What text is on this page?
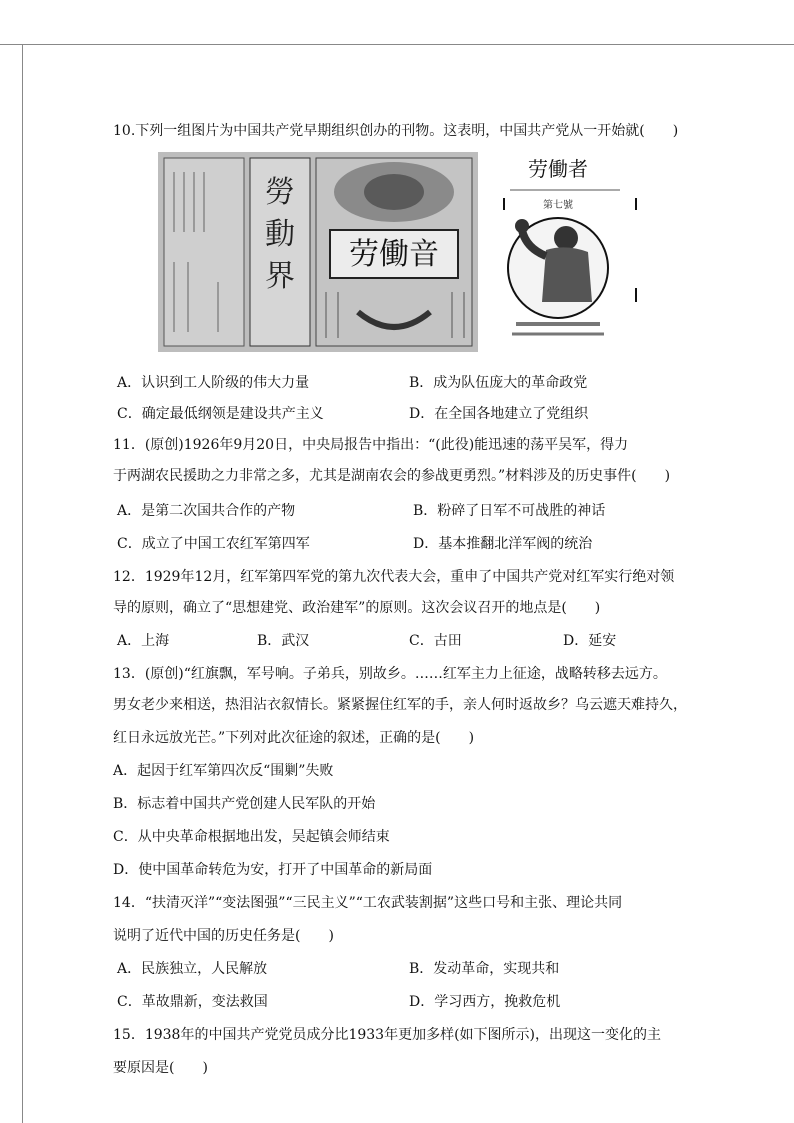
10.下列一组图片为中国共产党早期组织创办的刊物。这表明，中国共产党从一开始就(　　)
勞
動
界
劳働音
劳働者
第七號
A．认识到工人阶级的伟大力量	B．成为队伍庞大的革命政党
C．确定最低纲领是建设共产主义	D．在全国各地建立了党组织
11．(原创)1926年9月20日，中央局报告中指出：“(此役)能迅速的荡平吴军，得力
于两湖农民援助之力非常之多，尤其是湖南农会的参战更勇烈。”材料涉及的历史事件(　　)
A．是第二次国共合作的产物	B．粉碎了日军不可战胜的神话
C．成立了中国工农红军第四军	D．基本推翻北洋军阀的统治
12．1929年12月，红军第四军党的第九次代表大会，重申了中国共产党对红军实行绝对领
导的原则，确立了“思想建党、政治建军”的原则。这次会议召开的地点是(　　)
A．上海	B．武汉	C．古田	D．延安
13．(原创)“红旗飘，军号响。子弟兵，别故乡。……红军主力上征途，战略转移去远方。
男女老少来相送，热泪沾衣叙情长。紧紧握住红军的手，亲人何时返故乡？乌云遮天难持久，
红日永远放光芒。”下列对此次征途的叙述，正确的是(　　)
A．起因于红军第四次反“围剿”失败
B．标志着中国共产党创建人民军队的开始
C．从中央革命根据地出发，吴起镇会师结束
D．使中国革命转危为安，打开了中国革命的新局面
14．“扶清灭洋”“变法图强”“三民主义”“工农武装割据”这些口号和主张、理论共同
说明了近代中国的历史任务是(　　)
A．民族独立，人民解放	B．发动革命，实现共和
C．革故鼎新，变法救国	D．学习西方，挽救危机
15．1938年的中国共产党党员成分比1933年更加多样(如下图所示)，出现这一变化的主
要原因是(　　)
